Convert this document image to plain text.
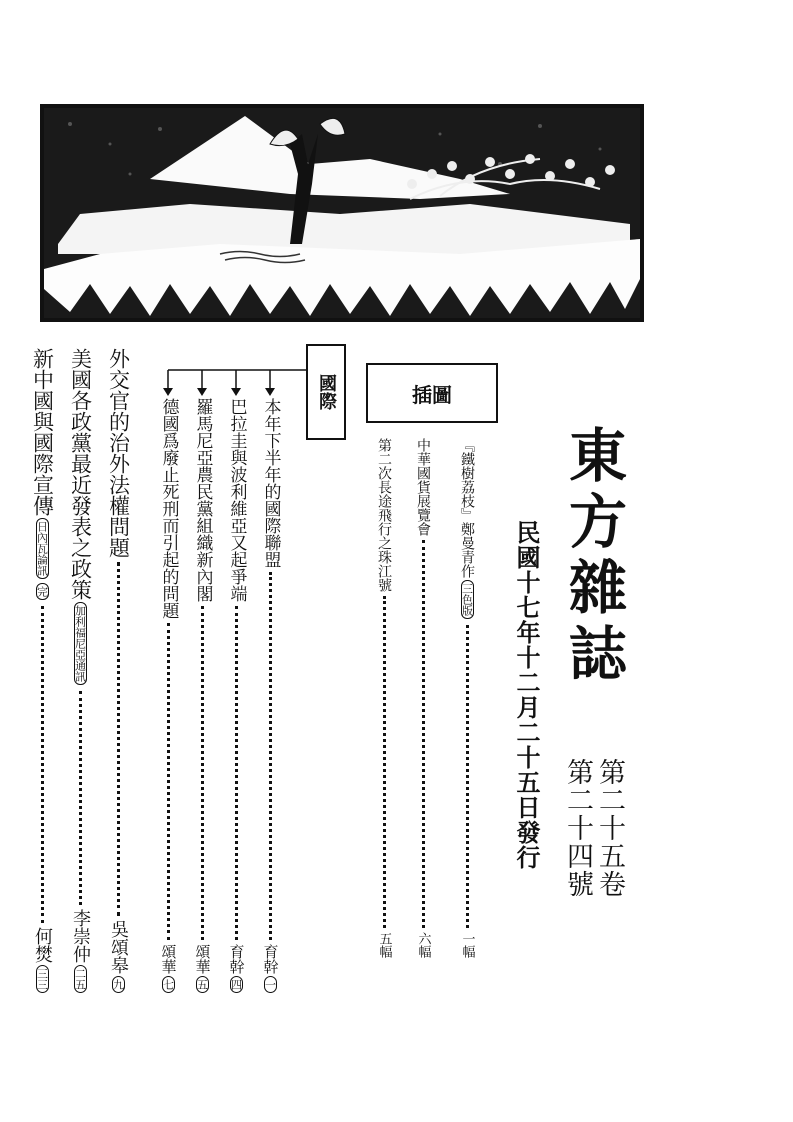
東方雜誌
第二十五卷
第二十四號
民國十七年十二月二十五日發行
插圖
『鐵樹荔枝』鄭曼青作
三色版
一幅
中華國貨展覽會
六幅
第二次長途飛行之珠江號
五幅
國際
本年下半年的國際聯盟
育幹
一
巴拉圭與波利維亞又起爭端
育幹
四
羅馬尼亞農民黨組織新內閣
頌華
五
德國爲廢止死刑而引起的問題
頌華
七
外交官的治外法權問題
吳頌皋
九
美國各政黨最近發表之政策
加利福尼亞通訊
李崇仲
二五
新中國與國際宣傳
日內瓦論訊
完
何燓
三三
